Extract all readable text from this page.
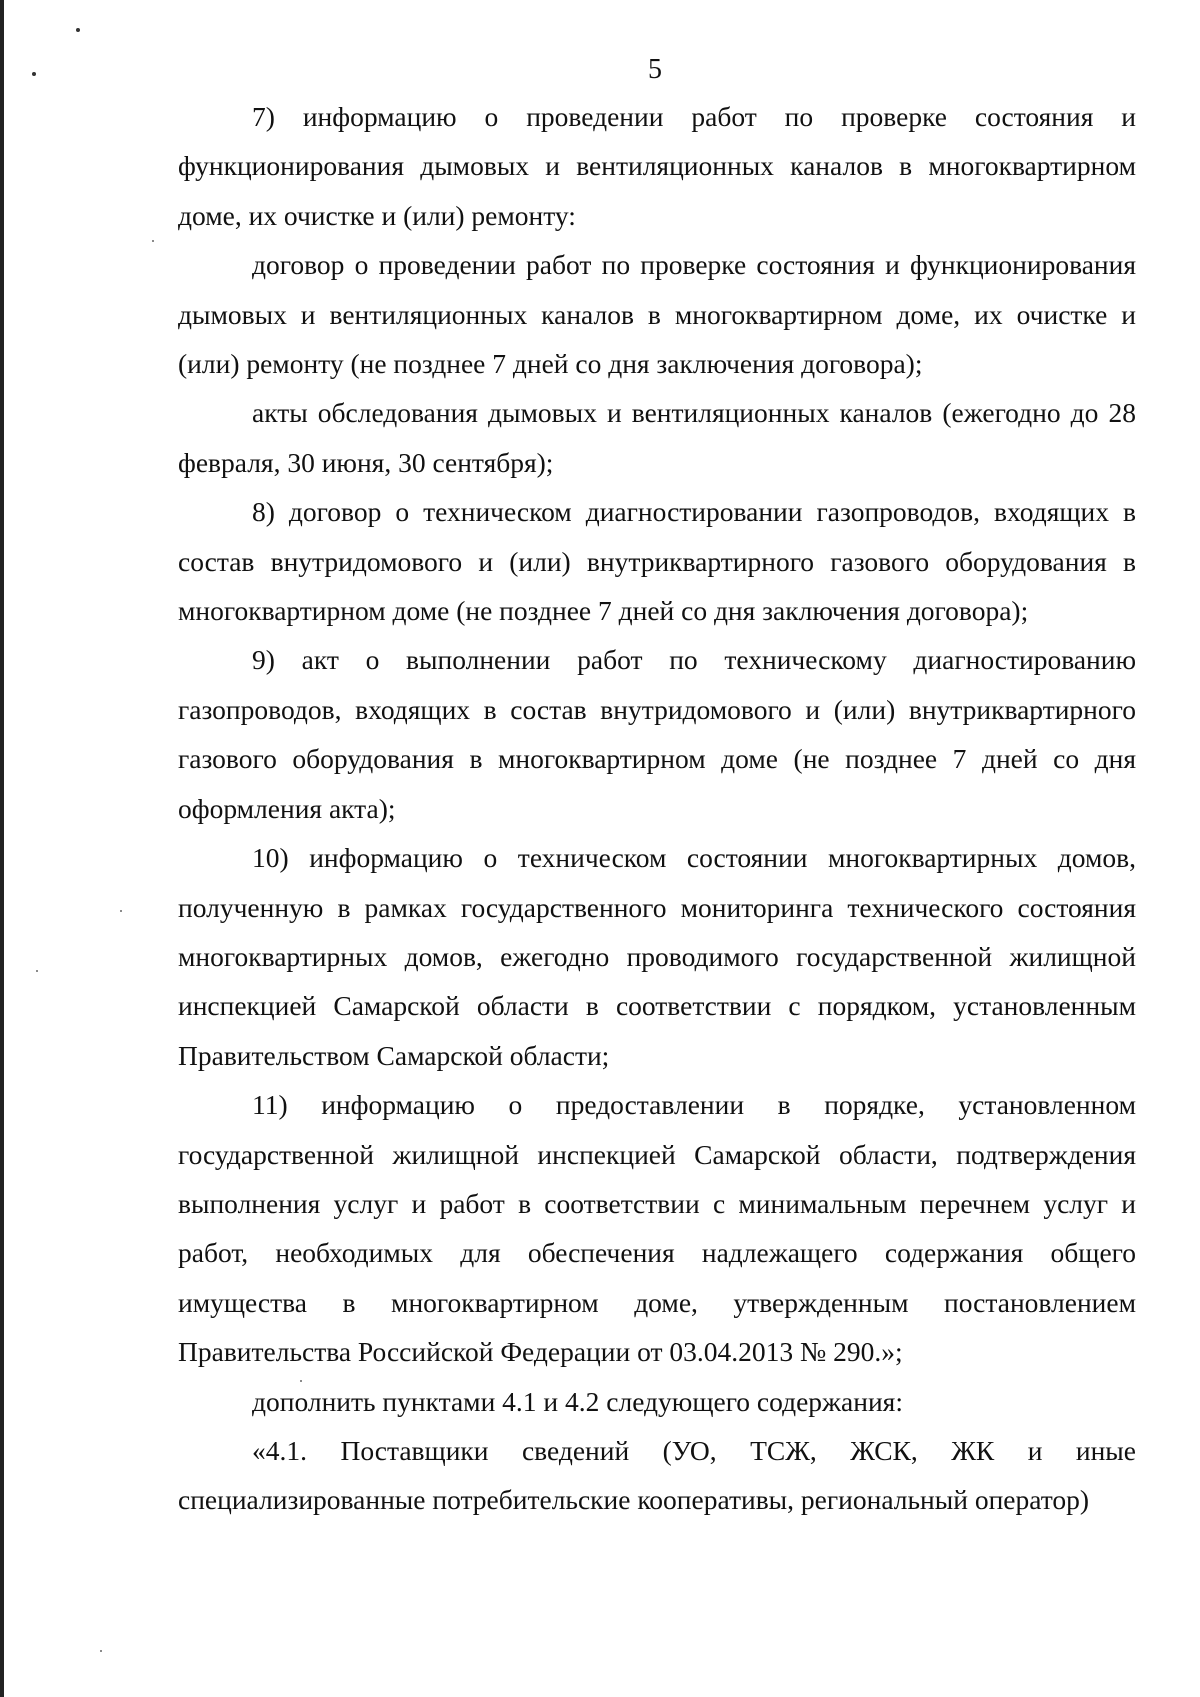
5

7) информацию о проведении работ по проверке состояния и функционирования дымовых и вентиляционных каналов в многоквартирном доме, их очистке и (или) ремонту:

договор о проведении работ по проверке состояния и функционирования дымовых и вентиляционных каналов в многоквартирном доме, их очистке и (или) ремонту (не позднее 7 дней со дня заключения договора);

акты обследования дымовых и вентиляционных каналов (ежегодно до 28 февраля, 30 июня, 30 сентября);

8) договор о техническом диагностировании газопроводов, входящих в состав внутридомового и (или) внутриквартирного газового оборудования в многоквартирном доме (не позднее 7 дней со дня заключения договора);

9) акт о выполнении работ по техническому диагностированию газопроводов, входящих в состав внутридомового и (или) внутриквартирного газового оборудования в многоквартирном доме (не позднее 7 дней со дня оформления акта);

10) информацию о техническом состоянии многоквартирных домов, полученную в рамках государственного мониторинга технического состояния многоквартирных домов, ежегодно проводимого государственной жилищной инспекцией Самарской области в соответствии с порядком, установленным Правительством Самарской области;

11) информацию о предоставлении в порядке, установленном государственной жилищной инспекцией Самарской области, подтверждения выполнения услуг и работ в соответствии с минимальным перечнем услуг и работ, необходимых для обеспечения надлежащего содержания общего имущества в многоквартирном доме, утвержденным постановлением Правительства Российской Федерации от 03.04.2013 № 290.»;

дополнить пунктами 4.1 и 4.2 следующего содержания:

«4.1. Поставщики сведений (УО, ТСЖ, ЖСК, ЖК и иные специализированные потребительские кооперативы, региональный оператор)
